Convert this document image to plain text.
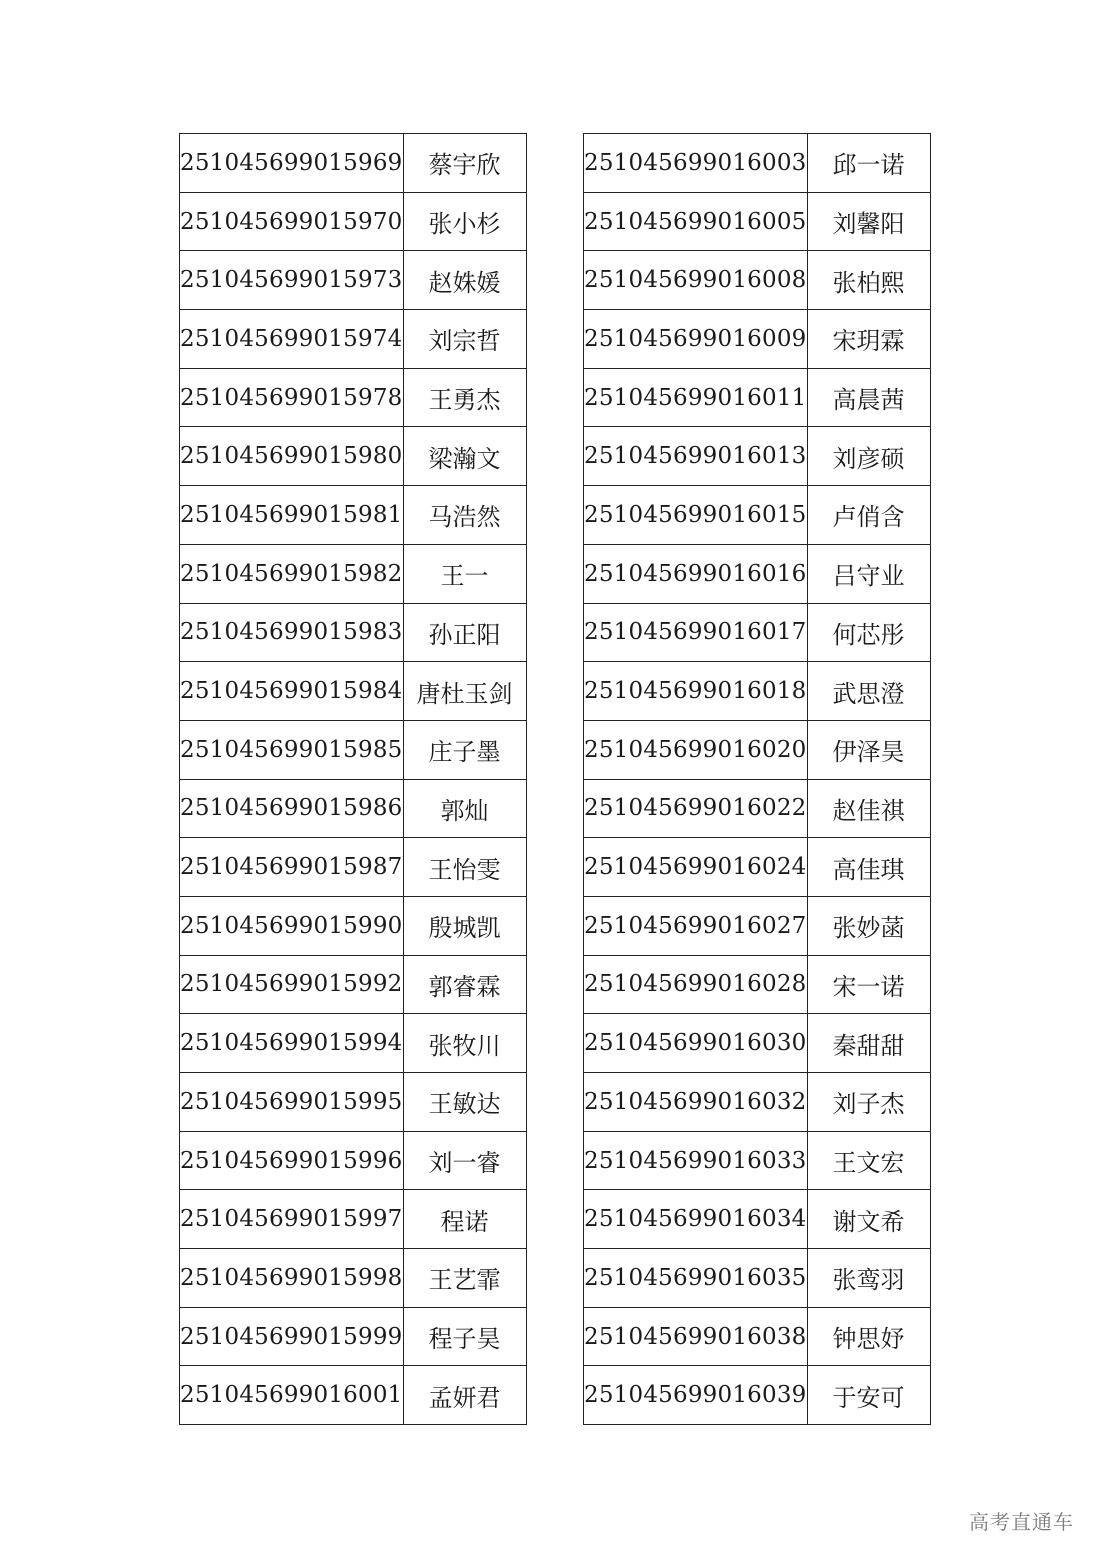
251045699015969	蔡宇欣
251045699015970	张小杉
251045699015973	赵姝媛
251045699015974	刘宗哲
251045699015978	王勇杰
251045699015980	梁瀚文
251045699015981	马浩然
251045699015982	王一
251045699015983	孙正阳
251045699015984	唐杜玉剑
251045699015985	庄子墨
251045699015986	郭灿
251045699015987	王怡雯
251045699015990	殷城凯
251045699015992	郭睿霖
251045699015994	张牧川
251045699015995	王敏达
251045699015996	刘一睿
251045699015997	程诺
251045699015998	王艺霏
251045699015999	程子昊
251045699016001	孟妍君
251045699016003	邱一诺
251045699016005	刘馨阳
251045699016008	张柏熙
251045699016009	宋玥霖
251045699016011	高晨茜
251045699016013	刘彦硕
251045699016015	卢俏含
251045699016016	吕守业
251045699016017	何芯彤
251045699016018	武思澄
251045699016020	伊泽昊
251045699016022	赵佳祺
251045699016024	高佳琪
251045699016027	张妙菡
251045699016028	宋一诺
251045699016030	秦甜甜
251045699016032	刘子杰
251045699016033	王文宏
251045699016034	谢文希
251045699016035	张鸾羽
251045699016038	钟思妤
251045699016039	于安可
高考直通车
